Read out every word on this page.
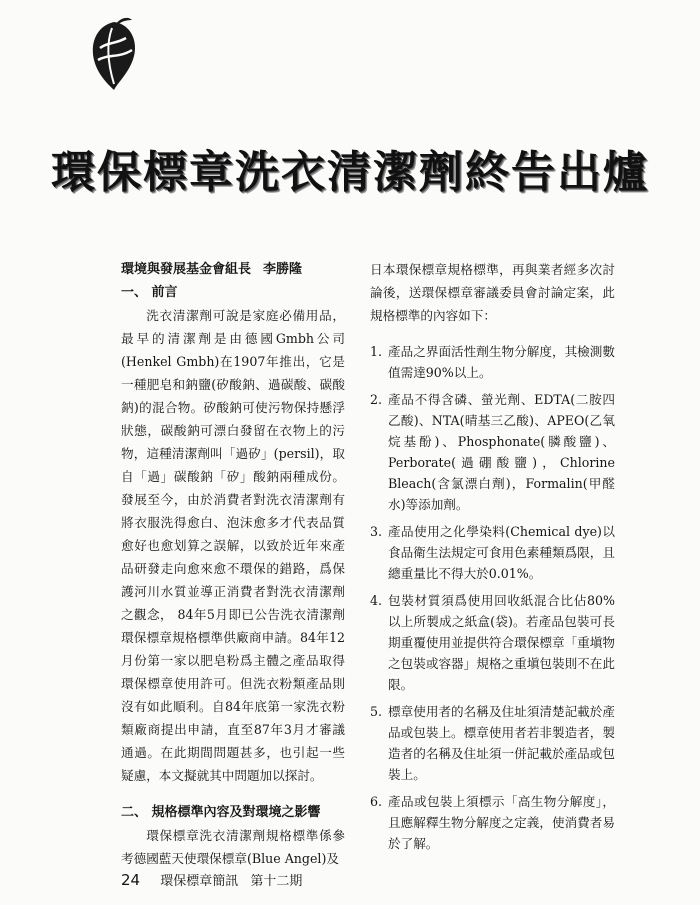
環保標章洗衣清潔劑終告出爐
環境與發展基金會組長 李勝隆
一、 前言

洗衣清潔劑可說是家庭必備用品，最早的清潔劑是由德國Gmbh公司(Henkel Gmbh)在1907年推出，它是一種肥皂和鈉鹽(矽酸鈉、過碳酸、碳酸鈉)的混合物。矽酸鈉可使污物保持懸浮狀態，碳酸鈉可漂白發留在衣物上的污物，這種清潔劑叫「過矽」(persil)，取自「過」碳酸鈉「矽」酸鈉兩種成份。發展至今，由於消費者對洗衣清潔劑有將衣服洗得愈白、泡沫愈多才代表品質愈好也愈划算之誤解，以致於近年來產品研發走向愈來愈不環保的錯路，爲保護河川水質並導正消費者對洗衣清潔劑之觀念， 84年5月即已公告洗衣清潔劑環保標章規格標準供廠商申請。84年12月份第一家以肥皂粉爲主體之產品取得環保標章使用許可。但洗衣粉類產品則沒有如此順利。自84年底第一家洗衣粉類廠商提出申請，直至87年3月才審議通過。在此期間問題甚多，也引起一些疑慮，本文擬就其中問題加以探討。

二、 規格標準內容及對環境之影響

環保標章洗衣清潔劑規格標準係參考德國藍天使環保標章(Blue Angel)及

日本環保標章規格標準，再與業者經多次討論後，送環保標章審議委員會討論定案，此規格標準的內容如下：

1. 產品之界面活性劑生物分解度，其檢測數值需達90%以上。
2. 產品不得含磷、螢光劑、EDTA(二胺四乙酸)、NTA(晴基三乙酸)、APEO(乙氧烷基酚)、Phosphonate(膦酸鹽)、Perborate(過硼酸鹽)，Chlorine Bleach(含氯漂白劑)，Formalin(甲醛水)等添加劑。
3. 產品使用之化學染料(Chemical dye)以食品衛生法規定可食用色素種類爲限，且總重量比不得大於0.01%。
4. 包裝材質須爲使用回收紙混合比佔80%以上所製成之紙盒(袋)。若產品包裝可長期重覆使用並提供符合環保標章「重塡物之包裝或容器」規格之重塡包裝則不在此限。
5. 標章使用者的名稱及住址須清楚記載於產品或包裝上。標章使用者若非製造者，製造者的名稱及住址須一併記載於產品或包裝上。
6. 產品或包裝上須標示「高生物分解度」，且應解釋生物分解度之定義，使消費者易於了解。
24 環保標章簡訊 第十二期
